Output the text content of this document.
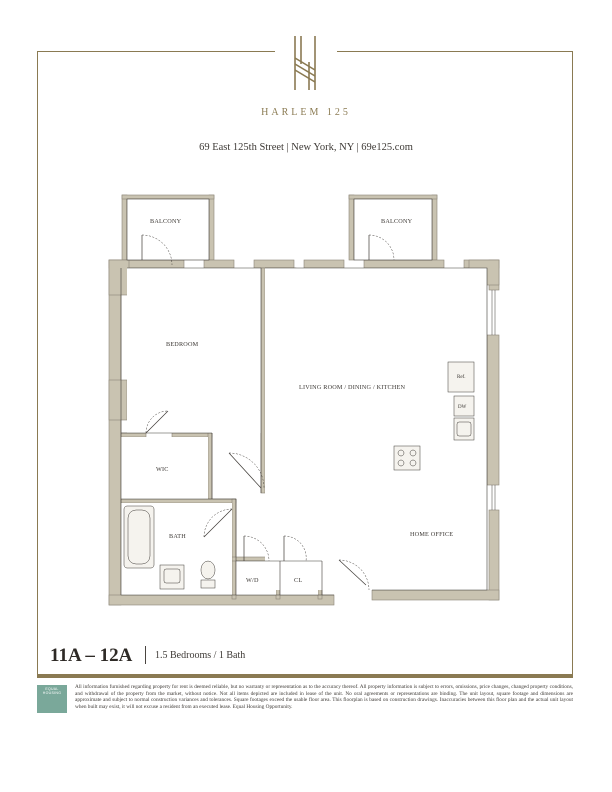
HARLEM 125
69 East 125th Street | New York, NY | 69e125.com
BALCONY	BALCONY
BEDROOM
LIVING ROOM / DINING / KITCHEN
WIC
BATH
W/D	CL
HOME OFFICE
Ref.
DW
11A – 12A 1.5 Bedrooms / 1 Bath
EQUAL HOUSING
All information furnished regarding property for rent is deemed reliable, but no warranty or representation as to the accuracy thereof. All property information is subject to errors, omissions, price changes, changed property conditions, and withdrawal of the property from the market, without notice. Not all items depicted are included in lease of the unit. No oral agreements or representations are binding. The unit layout, square footage and dimensions are approximate and subject to normal construction variances and tolerances. Square footages exceed the usable floor area. This floorplan is based on construction drawings. Inaccuracies between this floor plan and the actual unit layout when built may exist, it will not excuse a resident from an executed lease. Equal Housing Opportunity.
